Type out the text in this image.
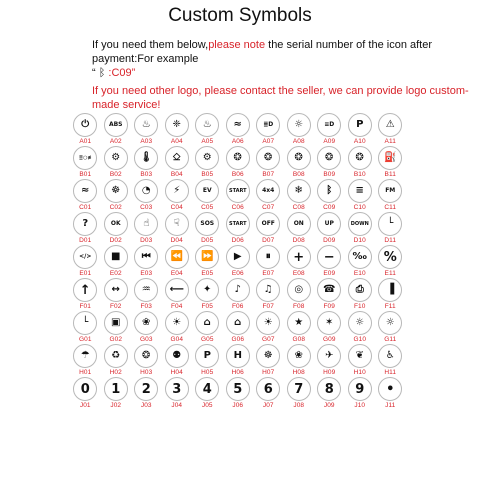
Custom Symbols
If you need them below,please note the serial number of the icon after payment:For example
“ ᛒ :C09”
If you need other logo, please contact the seller, we can provide logo custom-made service!
⏻
A01
ABS
A02
♨
A03
❈
A04
♨
A05
≈
A06
≣D
A07
☼
A08
≡D
A09
P
A10
⚠
A11
≣○≢
B01
⚙
B02
🌡
B03
⎐
B04
⚙
B05
❂
B06
❂
B07
❂
B08
❂
B09
❂
B10
⛽
B11
≈
C01
☸
C02
◔
C03
⚡
C04
EV
C05
START
C06
4x4
C07
❄
C08
ᛒ
C09
≡
C10
FM
C11
?
D01
OK
D02
☝
D03
☟
D04
SOS
D05
START
D06
OFF
D07
ON
D08
UP
D09
DOWN
D10
└
D11
</>
E01
■
E02
⏮
E03
⏪
E04
⏩
E05
▶
E06
⏸
E07
+
E08
−
E09
‰
E10
%
E11
↑
F01
↔
F02
♒
F03
⟵
F04
✦
F05
♪
F06
♫
F07
◎
F08
☎
F09
⎙
F10
▐
F11
└
G01
▣
G02
❀
G03
☀
G04
⌂
G05
⌂
G06
☀
G07
★
G08
✶
G09
☼
G10
☼
G11
☂
H01
♻
H02
❂
H03
⚉
H04
P
H05
H
H06
☸
H07
❀
H08
✈
H09
❦
H10
♿
H11
0
J01
1
J02
2
J03
3
J04
4
J05
5
J06
6
J07
7
J08
8
J09
9
J10
•
J11
